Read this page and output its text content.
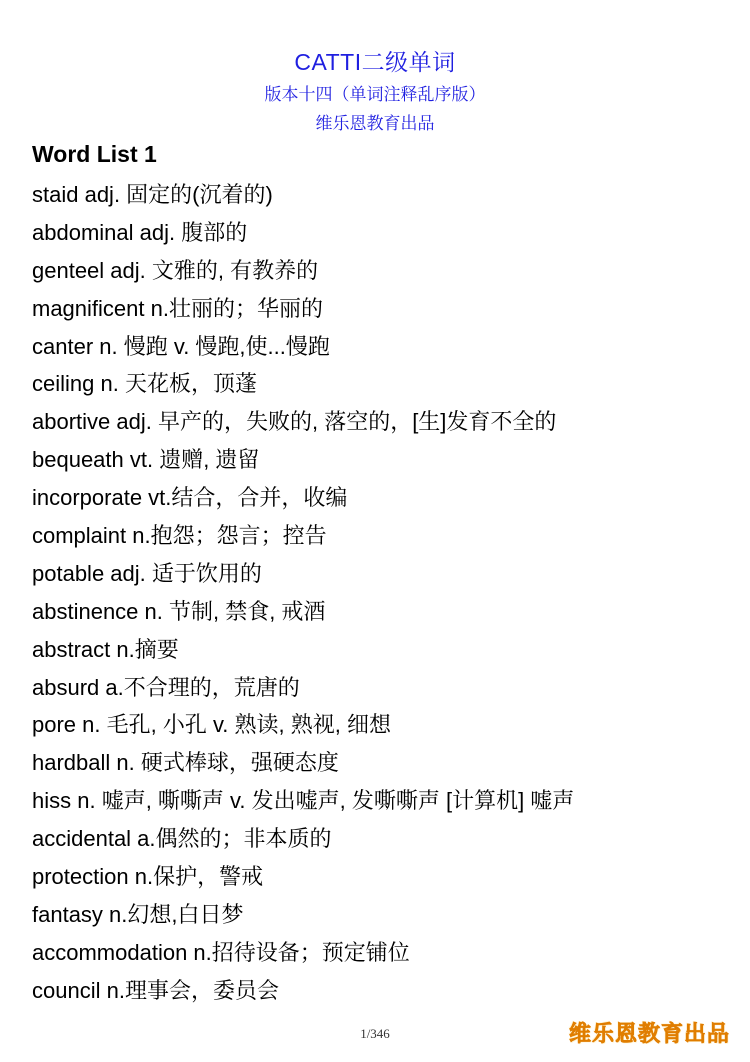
CATTI二级单词
版本十四（单词注释乱序版）
维乐恩教育出品
Word List 1
staid adj. 固定的(沉着的)
abdominal adj. 腹部的
genteel adj. 文雅的, 有教养的
magnificent n.壮丽的；华丽的
canter n. 慢跑 v. 慢跑,使...慢跑
ceiling n. 天花板，顶蓬
abortive adj. 早产的，失败的, 落空的，[生]发育不全的
bequeath vt. 遗赠, 遗留
incorporate vt.结合，合并，收编
complaint n.抱怨；怨言；控告
potable adj. 适于饮用的
abstinence n. 节制, 禁食, 戒酒
abstract n.摘要
absurd a.不合理的，荒唐的
pore n. 毛孔, 小孔 v. 熟读, 熟视, 细想
hardball n. 硬式棒球，强硬态度
hiss n. 嘘声, 嘶嘶声 v. 发出嘘声, 发嘶嘶声 [计算机] 嘘声
accidental a.偶然的；非本质的
protection n.保护，警戒
fantasy n.幻想,白日梦
accommodation n.招待设备；预定铺位
council n.理事会，委员会
1/346	维乐恩教育出品
